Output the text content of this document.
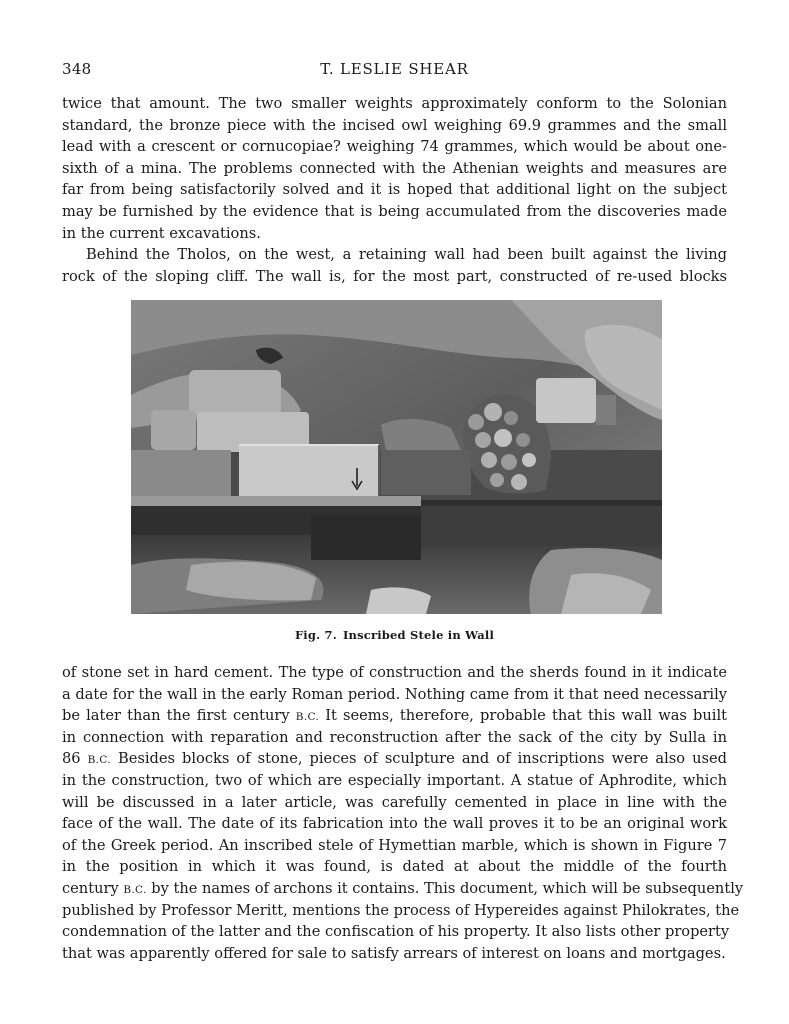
348	T. LESLIE SHEAR
twice that amount. The two smaller weights approximately conform to the Solonian
standard, the bronze piece with the incised owl weighing 69.9 grammes and the small
lead with a crescent or cornucopiae? weighing 74 grammes, which would be about one-
sixth of a mina. The problems connected with the Athenian weights and measures are
far from being satisfactorily solved and it is hoped that additional light on the subject
may be furnished by the evidence that is being accumulated from the discoveries made
in the current excavations.
Behind the Tholos, on the west, a retaining wall had been built against the living
rock of the sloping cliff. The wall is, for the most part, constructed of re-used blocks
Fig. 7. Inscribed Stele in Wall
of stone set in hard cement. The type of construction and the sherds found in it indicate
a date for the wall in the early Roman period. Nothing came from it that need necessarily
be later than the first century B.C. It seems, therefore, probable that this wall was built
in connection with reparation and reconstruction after the sack of the city by Sulla in
86 B.C. Besides blocks of stone, pieces of sculpture and of inscriptions were also used
in the construction, two of which are especially important. A statue of Aphrodite, which
will be discussed in a later article, was carefully cemented in place in line with the
face of the wall. The date of its fabrication into the wall proves it to be an original work
of the Greek period. An inscribed stele of Hymettian marble, which is shown in Figure 7
in the position in which it was found, is dated at about the middle of the fourth
century B.C. by the names of archons it contains. This document, which will be subsequently
published by Professor Meritt, mentions the process of Hypereides against Philokrates, the
condemnation of the latter and the confiscation of his property. It also lists other property
that was apparently offered for sale to satisfy arrears of interest on loans and mortgages.
